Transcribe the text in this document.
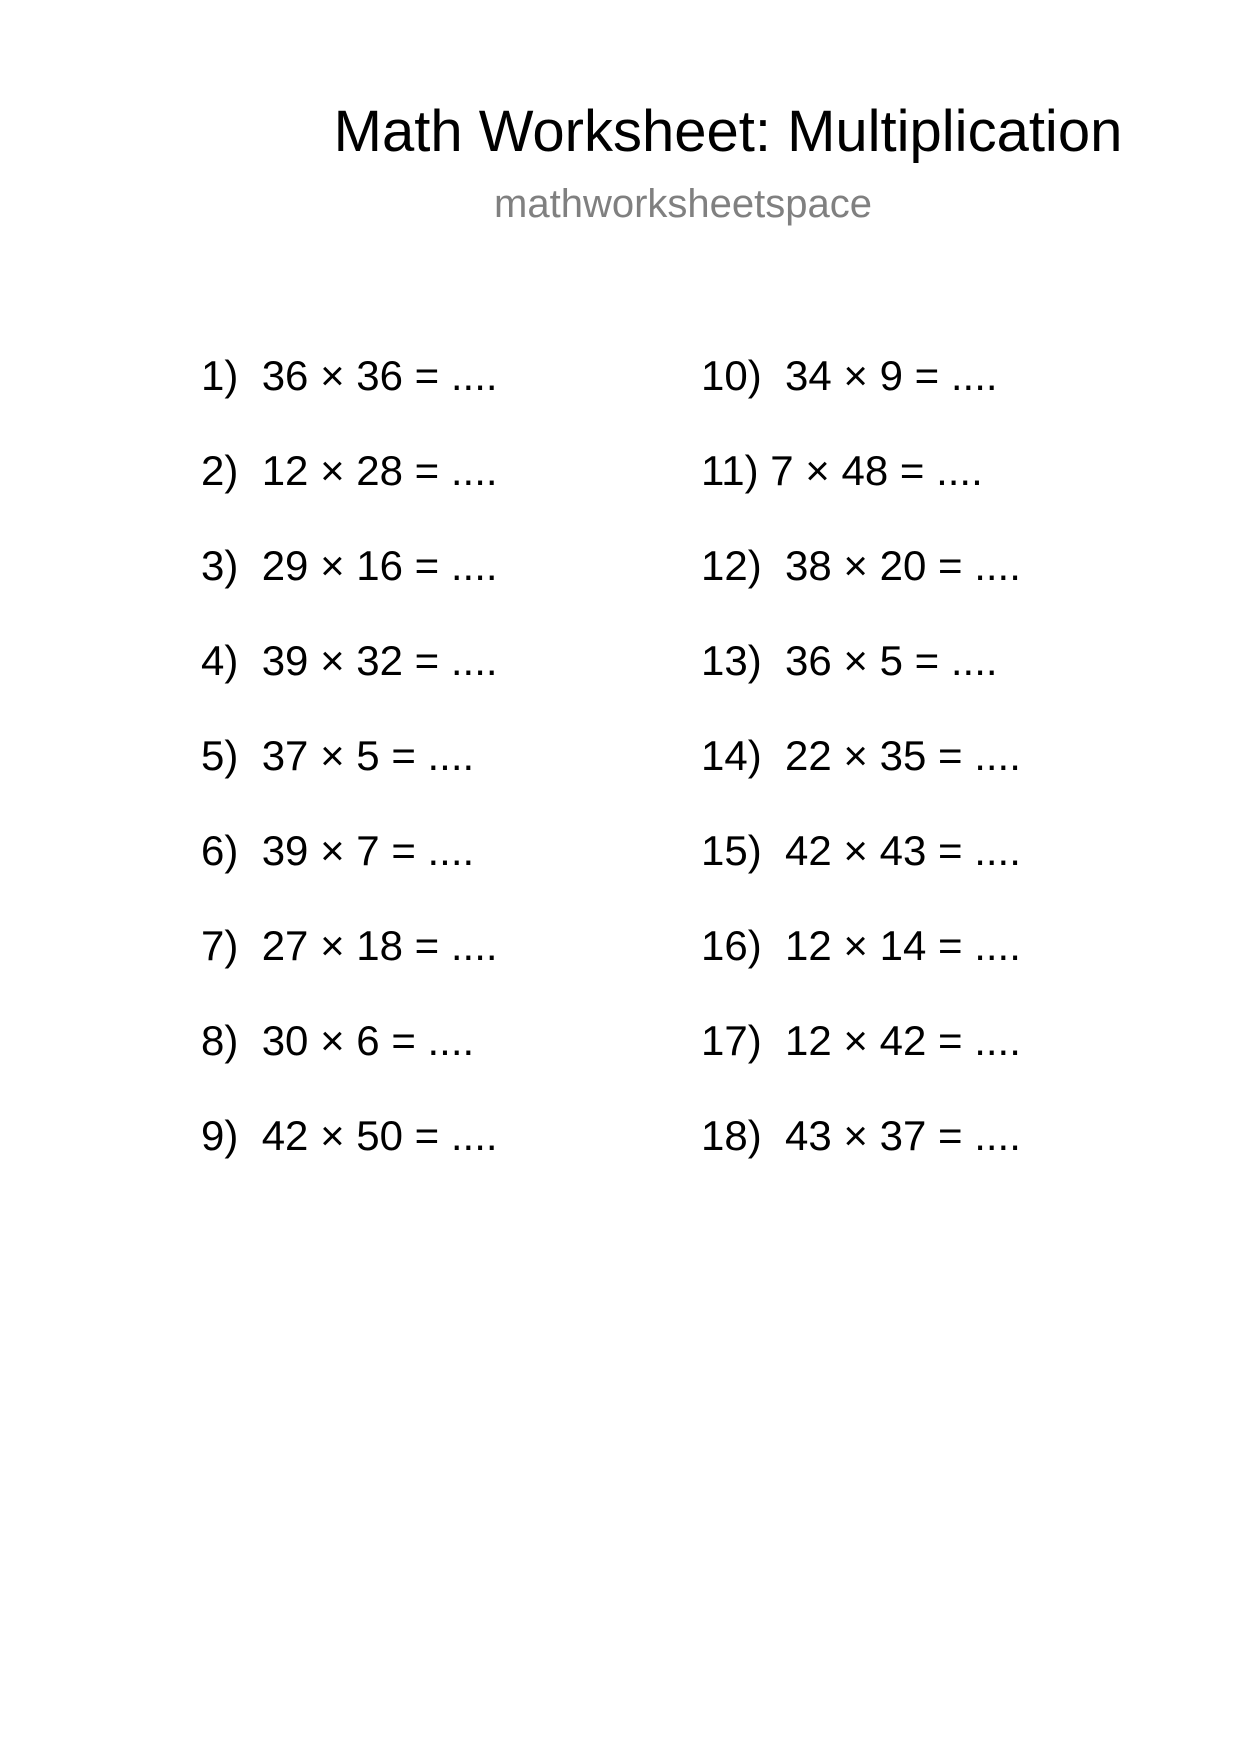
Math Worksheet: Multiplication
mathworksheetspace
1) 36 × 36 = ....
2) 12 × 28 = ....
3) 29 × 16 = ....
4) 39 × 32 = ....
5) 37 × 5 = ....
6) 39 × 7 = ....
7) 27 × 18 = ....
8) 30 × 6 = ....
9) 42 × 50 = ....
10) 34 × 9 = ....
11) 7 × 48 = ....
12) 38 × 20 = ....
13) 36 × 5 = ....
14) 22 × 35 = ....
15) 42 × 43 = ....
16) 12 × 14 = ....
17) 12 × 42 = ....
18) 43 × 37 = ....
